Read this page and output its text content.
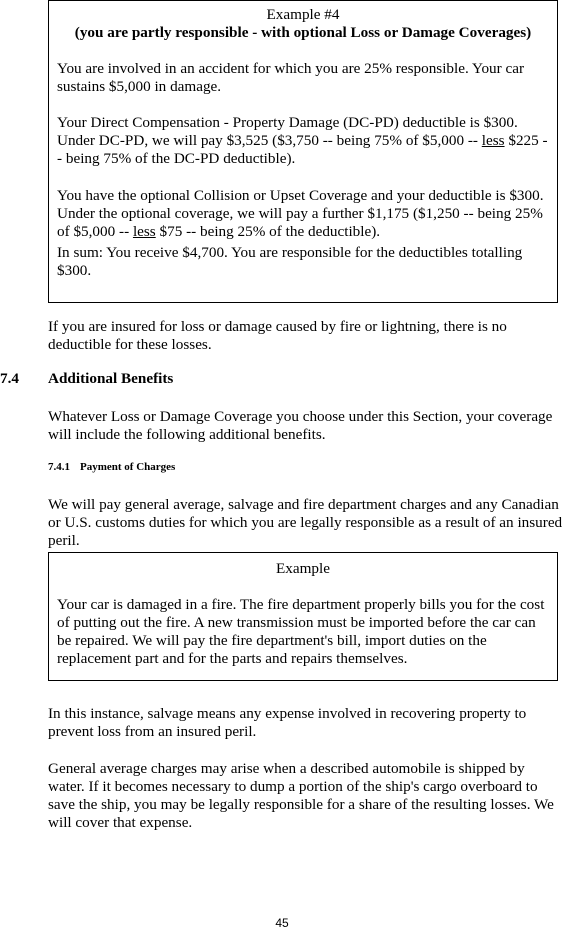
Example #4

(you are partly responsible - with optional Loss or Damage Coverages)

You are involved in an accident for which you are 25% responsible. Your car sustains $5,000 in damage.

Your Direct Compensation - Property Damage (DC-PD) deductible is $300. Under DC-PD, we will pay $3,525 ($3,750 -- being 75% of $5,000 -- less $225 -- being 75% of the DC-PD deductible).

You have the optional Collision or Upset Coverage and your deductible is $300. Under the optional coverage, we will pay a further $1,175 ($1,250 -- being 25% of $5,000 -- less $75 -- being 25% of the deductible).

In sum: You receive $4,700. You are responsible for the deductibles totalling $300.

If you are insured for loss or damage caused by fire or lightning, there is no deductible for these losses.

7.4 Additional Benefits

Whatever Loss or Damage Coverage you choose under this Section, your coverage will include the following additional benefits.

7.4.1 Payment of Charges

We will pay general average, salvage and fire department charges and any Canadian or U.S. customs duties for which you are legally responsible as a result of an insured peril.

Example

Your car is damaged in a fire. The fire department properly bills you for the cost of putting out the fire. A new transmission must be imported before the car can be repaired. We will pay the fire department's bill, import duties on the replacement part and for the parts and repairs themselves.

In this instance, salvage means any expense involved in recovering property to prevent loss from an insured peril.

General average charges may arise when a described automobile is shipped by water. If it becomes necessary to dump a portion of the ship's cargo overboard to save the ship, you may be legally responsible for a share of the resulting losses. We will cover that expense.

45
